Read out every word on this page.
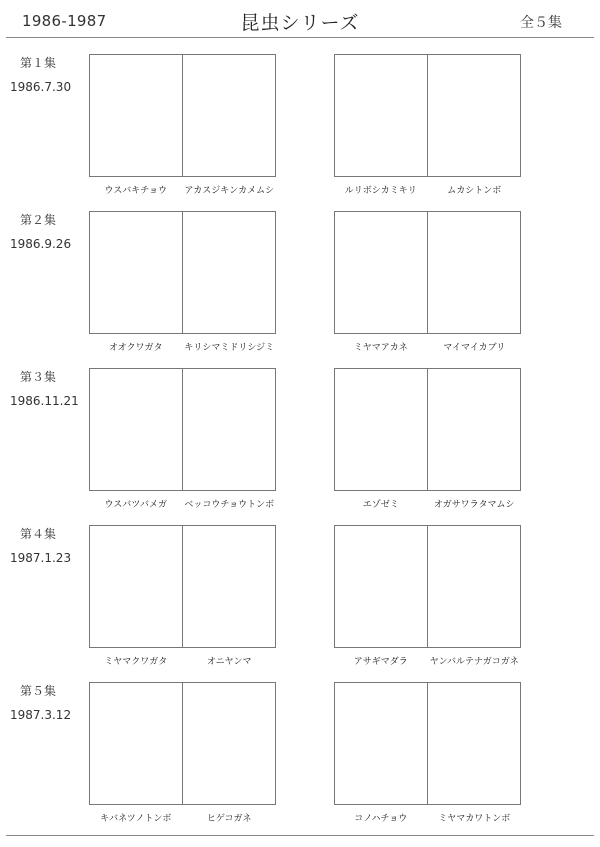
1986-1987	昆虫シリーズ	全５集
第１集
1986.7.30
ウスバキチョウ	アカスジキンカメムシ	ルリボシカミキリ	ムカシトンボ
第２集
1986.9.26
オオクワガタ	キリシマミドリシジミ	ミヤマアカネ	マイマイカブリ
第３集
1986.11.21
ウスバツバメガ	ベッコウチョウトンボ	エゾゼミ	オガサワラタマムシ
第４集
1987.1.23
ミヤマクワガタ	オニヤンマ	アサギマダラ	ヤンバルテナガコガネ
第５集
1987.3.12
キバネツノトンボ	ヒゲコガネ	コノハチョウ	ミヤマカワトンボ
